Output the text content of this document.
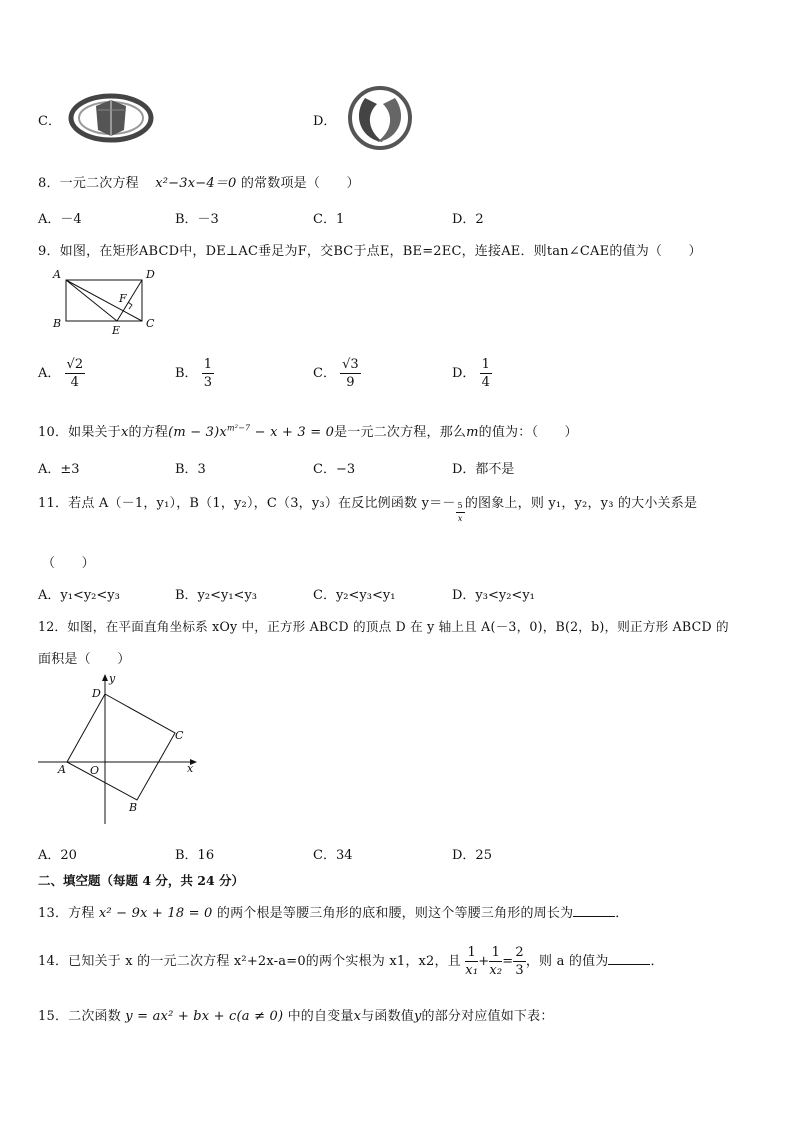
C．	D．
8．一元二次方程 x²−3x−4＝0 的常数项是（　　）
A．－4	B．－3	C．1	D．2
9．如图，在矩形ABCD中，DE⊥AC垂足为F，交BC于点E，BE=2EC，连接AE．则tan∠CAE的值为（　　）
A	D
F
B
E
C
A． $\frac{√2}{4}$	B． $\frac{1}{3}$	C． $\frac{√3}{9}$	D． $\frac{1}{4}$
10．如果关于x的方程$(m - 3)x^{m^2-7} - x + 3 = 0$是一元二次方程，那么m的值为：（　　）
A．±3	B．3	C．−3	D．都不是
11．若点 A（－1，y₁），B（1，y₂），C（3，y₃）在反比例函数 $y=- \frac{5}{x}$ 的图象上，则 y₁，y₂，y₃ 的大小关系是
（　　）
A．y₁<y₂<y₃	B．y₂<y₁<y₃	C．y₂<y₃<y₁	D．y₃<y₂<y₁
12．如图，在平面直角坐标系 xOy 中，正方形 ABCD 的顶点 D 在 y 轴上且 A(－3，0)，B(2，b)，则正方形 ABCD 的
面积是（　　）
y
D
C
A O	x
B
A．20	B．16	C．34	D．25
二、填空题（每题 4 分，共 24 分）
13．方程 x² − 9x + 18 = 0 的两个根是等腰三角形的底和腰，则这个等腰三角形的周长为	．
14．已知关于 x 的一元二次方程 x²+2x-a=0的两个实根为 x1，x2，且 $\frac{1}{\text{x₁}} + \frac{1}{\text{x₂}} = \frac{2}{3}$ ，则 a 的值为	．
15．二次函数 y = ax² + bx + c(a ≠ 0) 中的自变量x与函数值y的部分对应值如下表：
